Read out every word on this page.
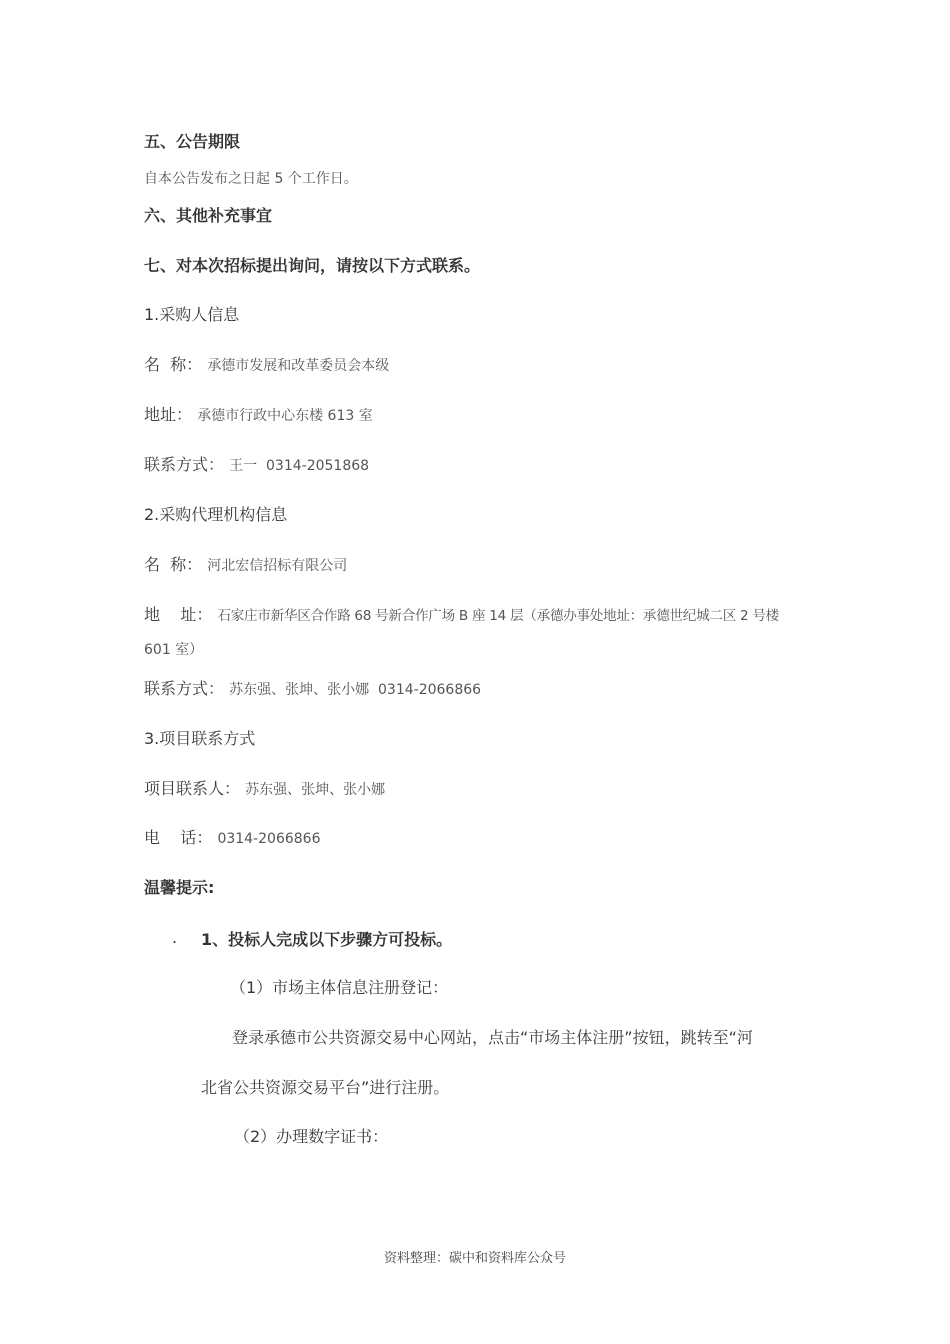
五、公告期限
自本公告发布之日起 5 个工作日。
六、其他补充事宜
七、对本次招标提出询问，请按以下方式联系。
1.采购人信息
名  称： 承德市发展和改革委员会本级
地址： 承德市行政中心东楼 613 室
联系方式： 王一  0314-2051868
2.采购代理机构信息
名  称： 河北宏信招标有限公司
地    址： 石家庄市新华区合作路 68 号新合作广场 B 座 14 层（承德办事处地址：承德世纪城二区 2 号楼
601 室）
联系方式： 苏东强、张坤、张小娜  0314-2066866
3.项目联系方式
项目联系人： 苏东强、张坤、张小娜
电    话： 0314-2066866
温馨提示:
. 1、投标人完成以下步骤方可投标。
（1）市场主体信息注册登记：
登录承德市公共资源交易中心网站，点击“市场主体注册”按钮，跳转至“河
北省公共资源交易平台”进行注册。
（2）办理数字证书：
资料整理：碳中和资料库公众号
